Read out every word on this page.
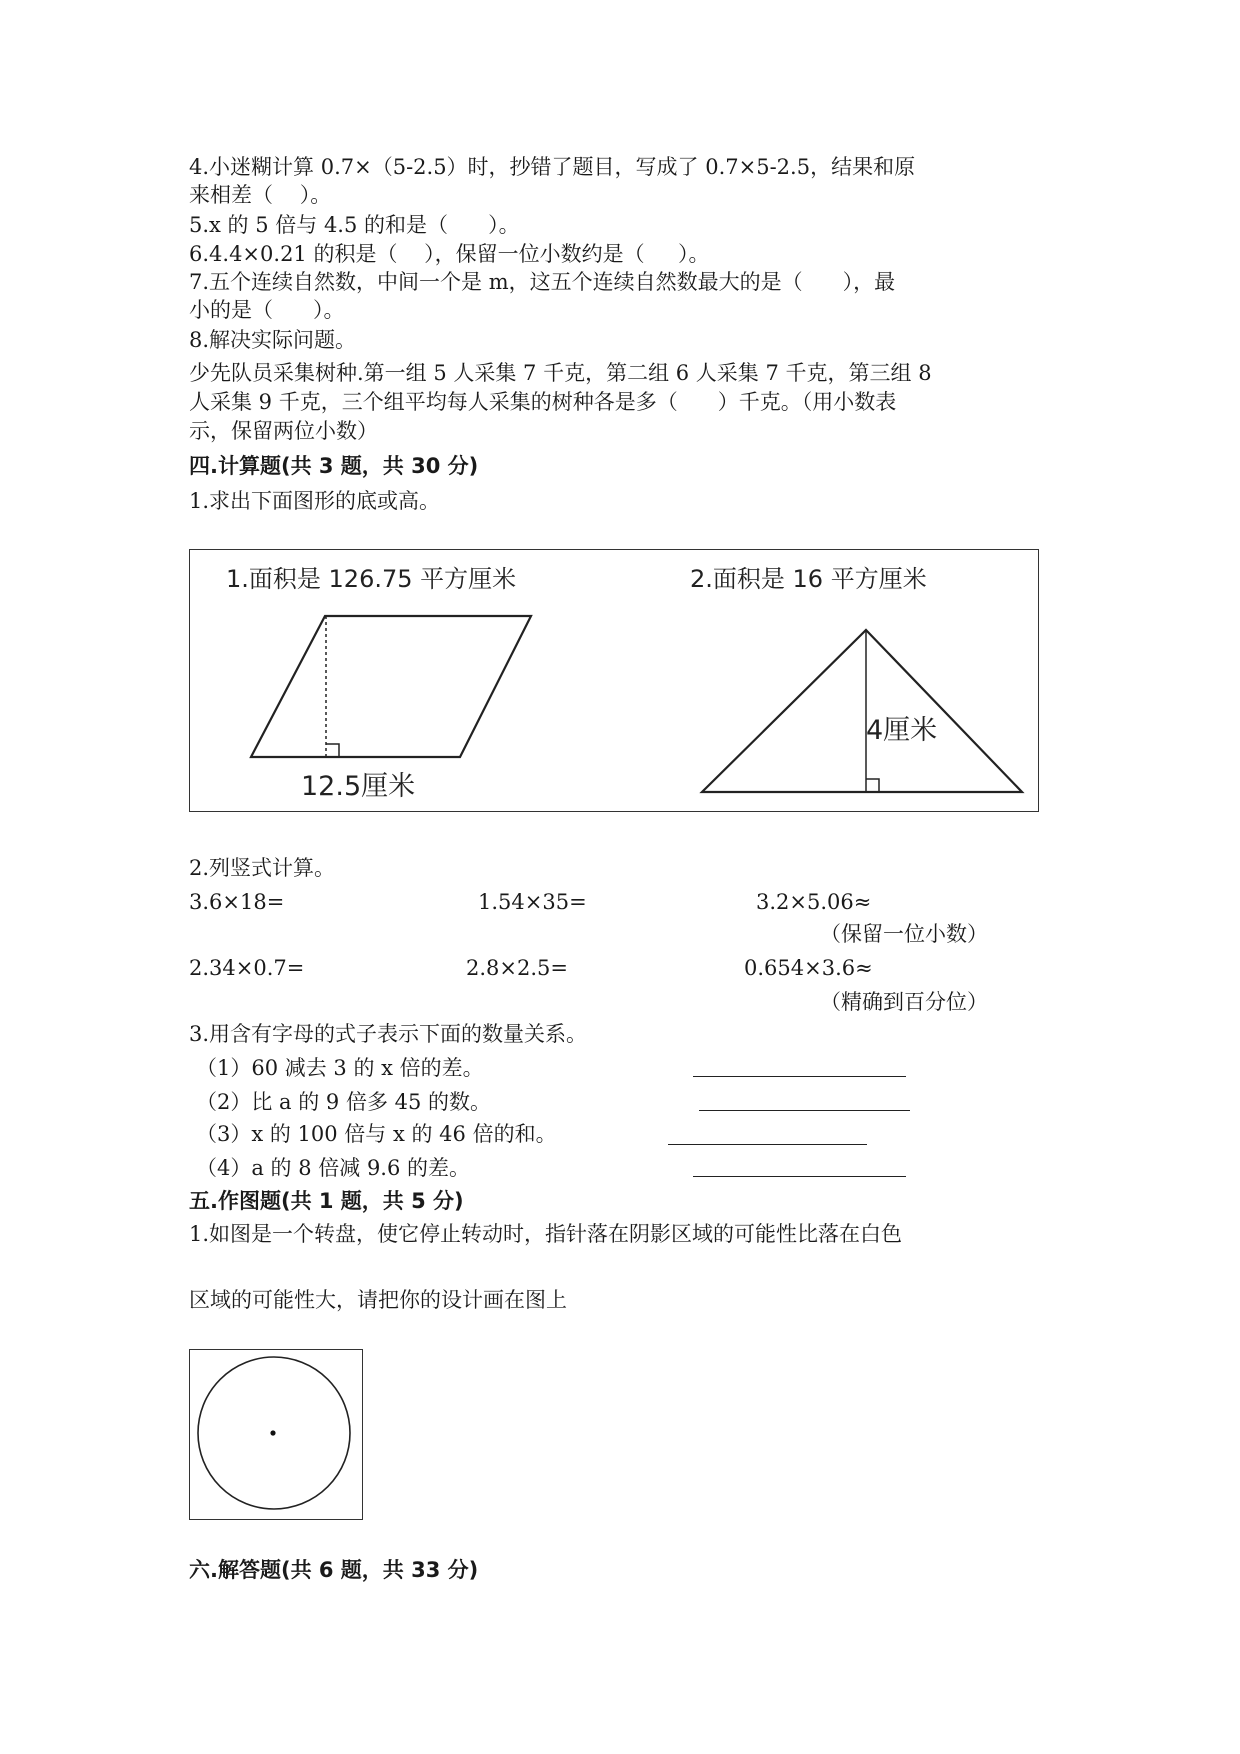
4.小迷糊计算 0.7×（5-2.5）时，抄错了题目，写成了 0.7×5-2.5，结果和原
来相差（    ）。
5.x 的 5 倍与 4.5 的和是（      ）。
6.4.4×0.21 的积是（    ），保留一位小数约是（     ）。
7.五个连续自然数，中间一个是 m，这五个连续自然数最大的是（      ），最
小的是（      ）。
8.解决实际问题。
少先队员采集树种.第一组 5 人采集 7 千克，第二组 6 人采集 7 千克，第三组 8
人采集 9 千克，三个组平均每人采集的树种各是多（      ）千克。（用小数表
示，保留两位小数）
四.计算题(共 3 题，共 30 分)
1.求出下面图形的底或高。
1.面积是 126.75 平方厘米
12.5厘米
2.面积是 16 平方厘米
4厘米
2.列竖式计算。
3.6×18=	1.54×35=	3.2×5.06≈
（保留一位小数）
2.34×0.7=	2.8×2.5=	0.654×3.6≈
（精确到百分位）
3.用含有字母的式子表示下面的数量关系。
（1）60 减去 3 的 x 倍的差。
（2）比 a 的 9 倍多 45 的数。
（3）x 的 100 倍与 x 的 46 倍的和。
（4）a 的 8 倍减 9.6 的差。
五.作图题(共 1 题，共 5 分)
1.如图是一个转盘，使它停止转动时，指针落在阴影区域的可能性比落在白色
区域的可能性大，请把你的设计画在图上
六.解答题(共 6 题，共 33 分)
